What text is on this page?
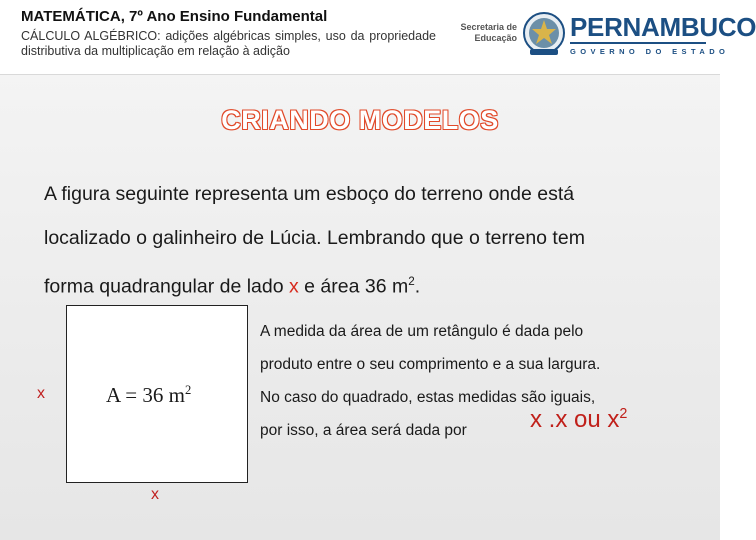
MATEMÁTICA, 7º Ano Ensino Fundamental
CÁLCULO ALGÉBRICO: adições algébricas simples, uso da propriedade distributiva da multiplicação em relação à adição
Secretaria de
Educação PERNAMBUCO
GOVERNO DO ESTADO
CRIANDO MODELOS
A figura seguinte representa um esboço do terreno onde está
localizado o galinheiro de Lúcia. Lembrando que o terreno tem
forma quadrangular de lado x e área 36 $m^2$.
A = 36 $m^2$
x
x
A medida da área de um retângulo é dada pelo
produto entre o seu comprimento e a sua largura.
No caso do quadrado, estas medidas são iguais,
por isso, a área será dada por	x .x ou $x^2$
